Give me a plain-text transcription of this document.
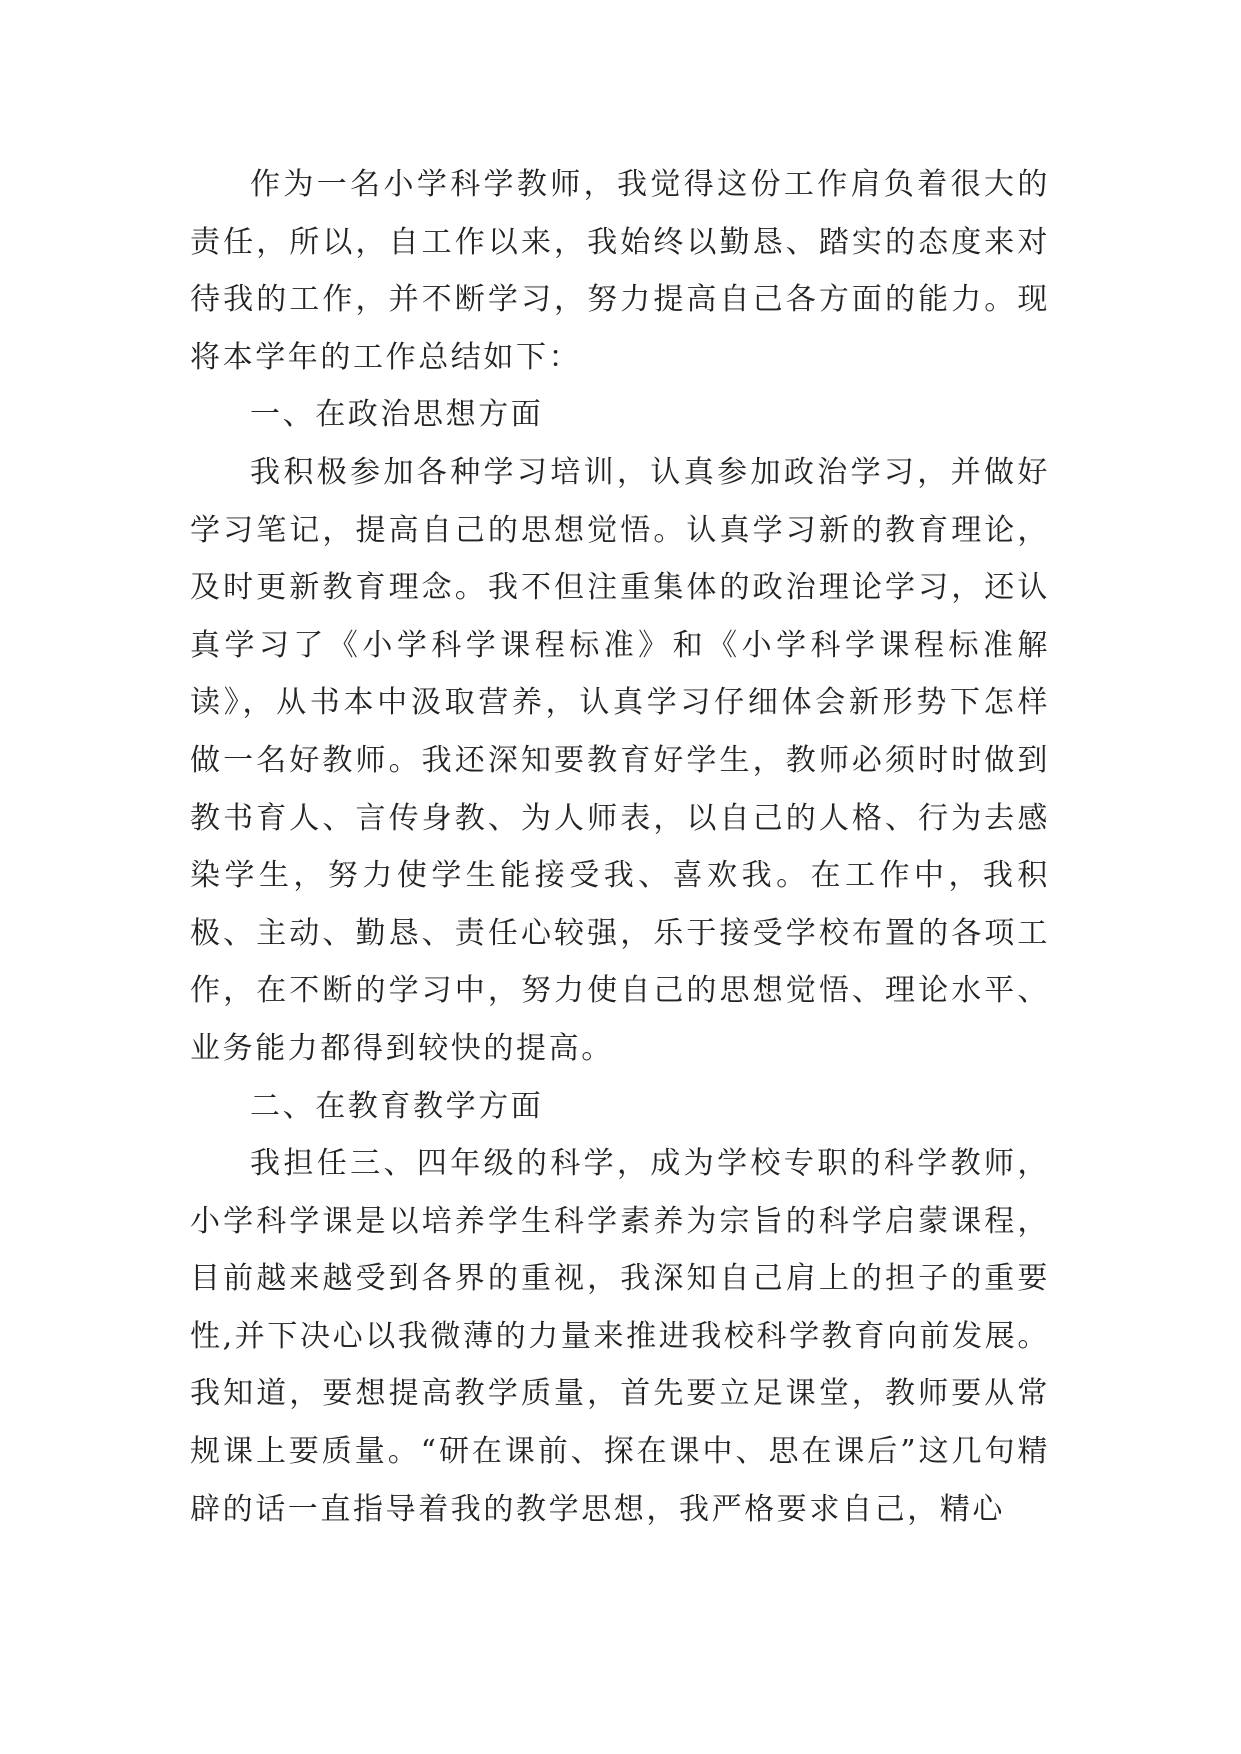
作为一名小学科学教师，我觉得这份工作肩负着很大的责任，所以，自工作以来，我始终以勤恳、踏实的态度来对待我的工作，并不断学习，努力提高自己各方面的能力。现将本学年的工作总结如下：

一、在政治思想方面

我积极参加各种学习培训，认真参加政治学习，并做好学习笔记，提高自己的思想觉悟。认真学习新的教育理论，及时更新教育理念。我不但注重集体的政治理论学习，还认真学习了《小学科学课程标准》和《小学科学课程标准解读》，从书本中汲取营养，认真学习仔细体会新形势下怎样做一名好教师。我还深知要教育好学生，教师必须时时做到教书育人、言传身教、为人师表，以自己的人格、行为去感染学生，努力使学生能接受我、喜欢我。在工作中，我积极、主动、勤恳、责任心较强，乐于接受学校布置的各项工作，在不断的学习中，努力使自己的思想觉悟、理论水平、业务能力都得到较快的提高。

二、在教育教学方面

我担任三、四年级的科学，成为学校专职的科学教师，小学科学课是以培养学生科学素养为宗旨的科学启蒙课程，目前越来越受到各界的重视，我深知自己肩上的担子的重要性,并下决心以我微薄的力量来推进我校科学教育向前发展。我知道，要想提高教学质量，首先要立足课堂，教师要从常规课上要质量。“研在课前、探在课中、思在课后”这几句精辟的话一直指导着我的教学思想，我严格要求自己，精心
